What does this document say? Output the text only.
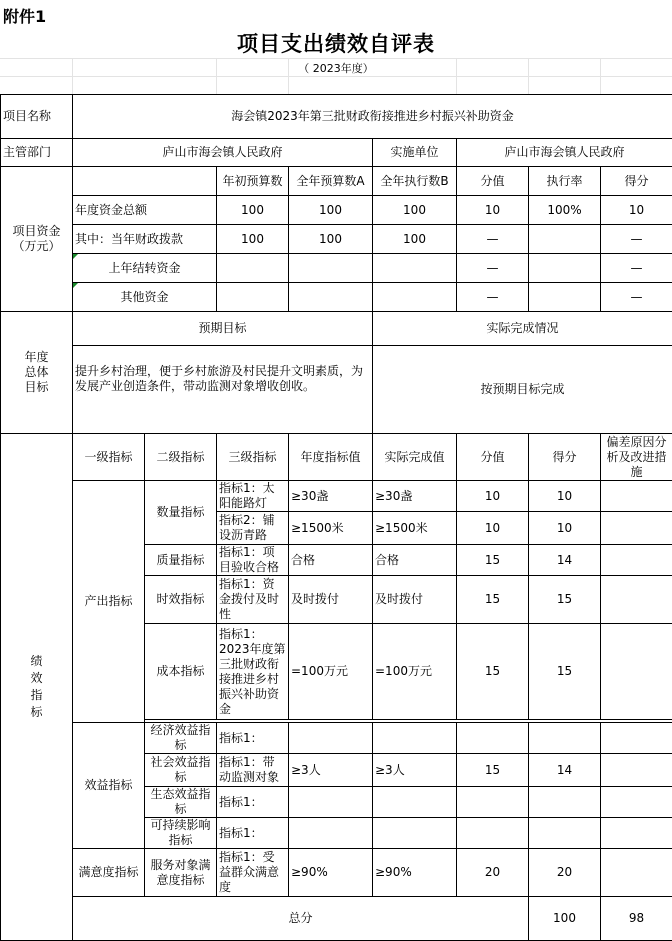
附件1
项目支出绩效自评表
（ 2023年度）
项目名称	海会镇2023年第三批财政衔接推进乡村振兴补助资金								
主管部门	庐山市海会镇人民政府				实施单位	庐山市海会镇人民政府			
项目资金（万元）			年初预算数	全年预算数A	全年执行数B	分值	执行率	得分	
	年度资金总额		100	100	100	10	100%	10	
	其中：当年财政拨款		100	100	100	—		—	
	上年结转资金					—		—	
	其他资金					—		—	
年度总体目标	预期目标				实际完成情况				
	提升乡村治理，便于乡村旅游及村民提升文明素质，为发展产业创造条件，带动监测对象增收创收。				按预期目标完成				
绩效指标	一级指标	二级指标	三级指标	年度指标值	实际完成值	分值	得分	偏差原因分析及改进措施	
	产出指标	数量指标	指标1：太阳能路灯	≥30盏	≥30盏	10	10		
			指标2：铺设沥青路	≥1500米	≥1500米	10	10		
		质量指标	指标1：项目验收合格	合格	合格	15	14		
		时效指标	指标1：资金拨付及时性	及时拨付	及时拨付	15	15		
		成本指标	指标1：2023年度第三批财政衔接推进乡村振兴补助资金	=100万元	=100万元	15	15		

	效益指标	经济效益指标	指标1：						
		社会效益指标	指标1：带动监测对象	≥3人	≥3人	15	14		
		生态效益指标	指标1：						
		可持续影响指标	指标1：						
	满意度指标	服务对象满意度指标	指标1：受益群众满意度	≥90%	≥90%	20	20		
	总分						100	98	
